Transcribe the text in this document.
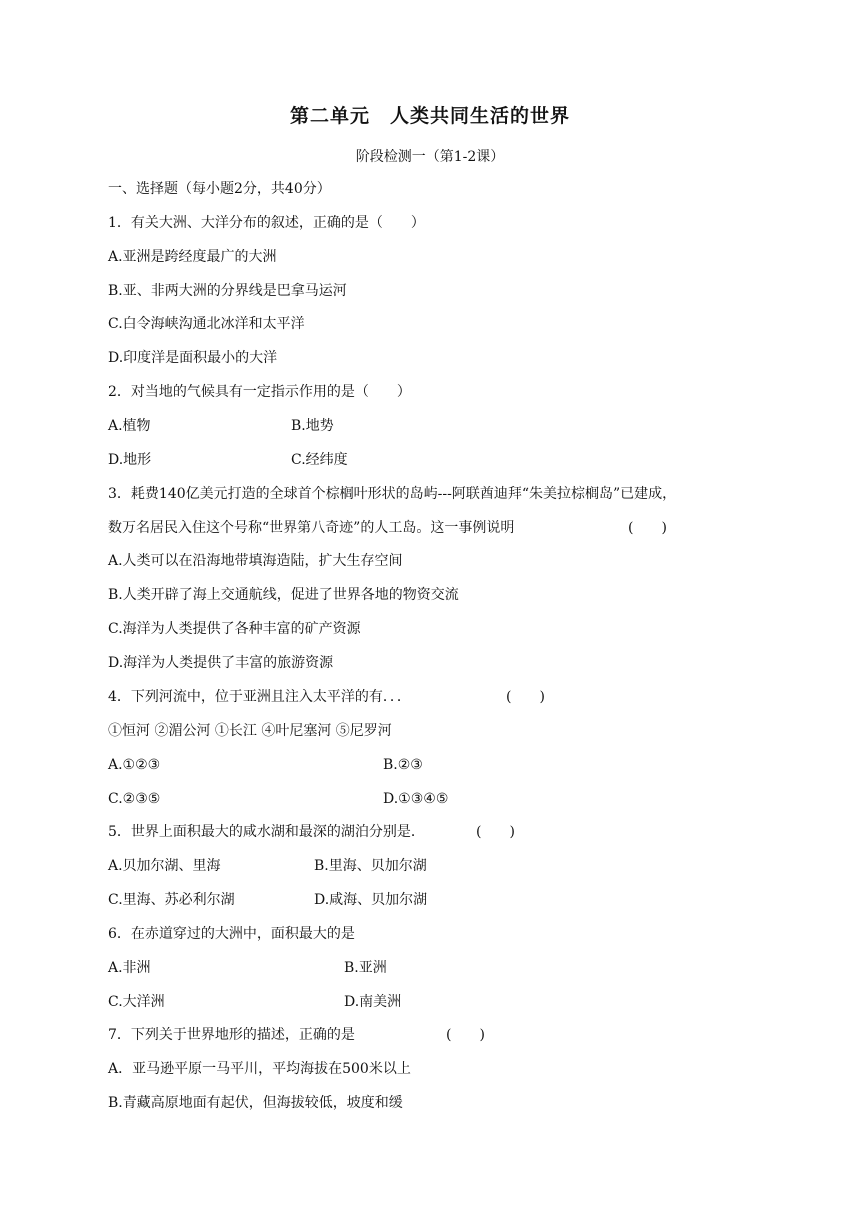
第二单元　人类共同生活的世界
阶段检测一（第1-2课）
一、选择题（每小题2分，共40分）
1．有关大洲、大洋分布的叙述，正确的是（　　）
A.亚洲是跨经度最广的大洲
B.亚、非两大洲的分界线是巴拿马运河
C.白令海峡沟通北冰洋和太平洋
D.印度洋是面积最小的大洋
2．对当地的气候具有一定指示作用的是（　　）
A.植物	B.地势
D.地形	C.经纬度
3．耗费140亿美元打造的全球首个棕榈叶形状的岛屿---阿联酋迪拜“朱美拉棕榈岛”已建成，
数万名居民入住这个号称“世界第八奇迹”的人工岛。这一事例说明	(　　)
A.人类可以在沿海地带填海造陆，扩大生存空间
B.人类开辟了海上交通航线，促进了世界各地的物资交流
C.海洋为人类提供了各种丰富的矿产资源
D.海洋为人类提供了丰富的旅游资源
4．下列河流中，位于亚洲且注入太平洋的有．．．	(　　)
①恒河 ②湄公河 ①长江 ④叶尼塞河 ⑤尼罗河
A.①②③	B.②③
C.②③⑤	D.①③④⑤
5．世界上面积最大的咸水湖和最深的湖泊分别是．	(　　)
A.贝加尔湖、里海	B.里海、贝加尔湖
C.里海、苏必利尔湖	D.咸海、贝加尔湖
6．在赤道穿过的大洲中，面积最大的是
A.非洲	B.亚洲
C.大洋洲	D.南美洲
7．下列关于世界地形的描述，正确的是	(　　)
A．亚马逊平原一马平川，平均海拔在500米以上
B.青藏高原地面有起伏，但海拔较低，坡度和缓
